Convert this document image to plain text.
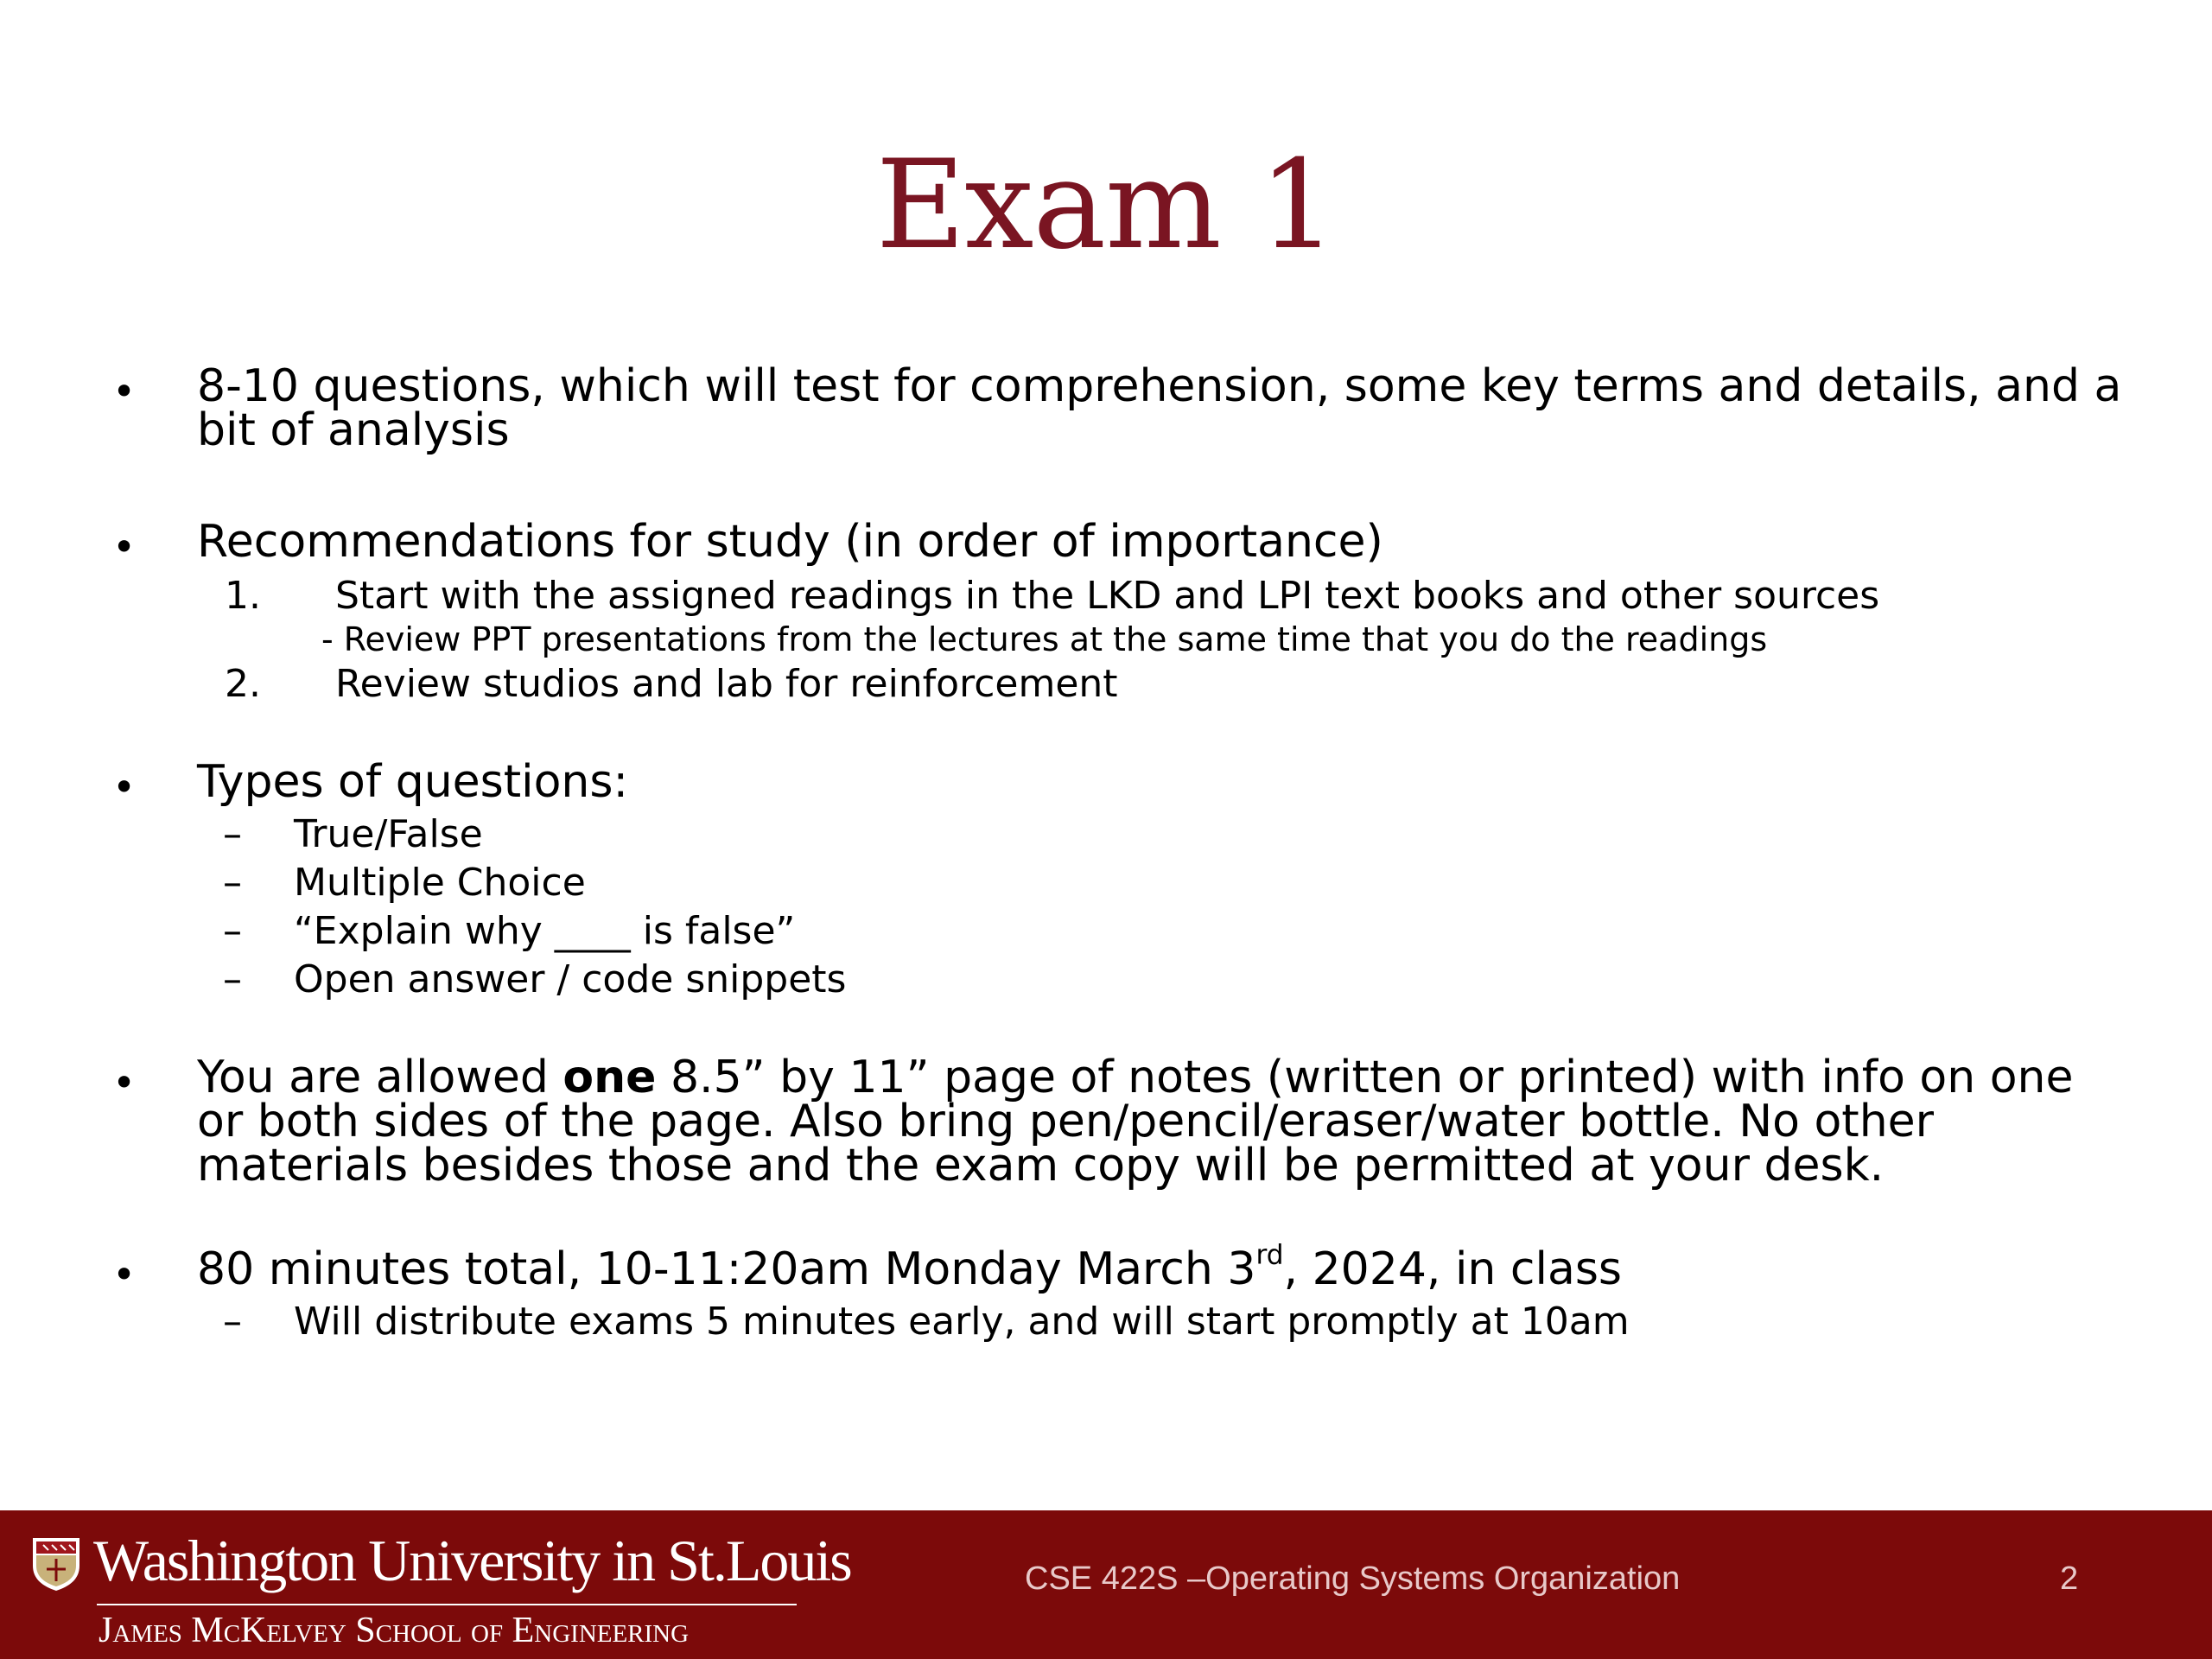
Exam 1
• 8-10 questions, which will test for comprehension, some key terms and details, and a bit of analysis
• Recommendations for study (in order of importance)
1. Start with the assigned readings in the LKD and LPI text books and other sources
- Review PPT presentations from the lectures at the same time that you do the readings
2. Review studios and lab for reinforcement
• Types of questions:
– True/False
– Multiple Choice
– “Explain why ____ is false”
– Open answer / code snippets
• You are allowed one 8.5” by 11” page of notes (written or printed) with info on one or both sides of the page. Also bring pen/pencil/eraser/water bottle. No other materials besides those and the exam copy will be permitted at your desk.
• 80 minutes total, 10-11:20am Monday March 3rd, 2024, in class
– Will distribute exams 5 minutes early, and will start promptly at 10am
Washington University in St.Louis
James McKelvey School of Engineering
CSE 422S –Operating Systems Organization	2
